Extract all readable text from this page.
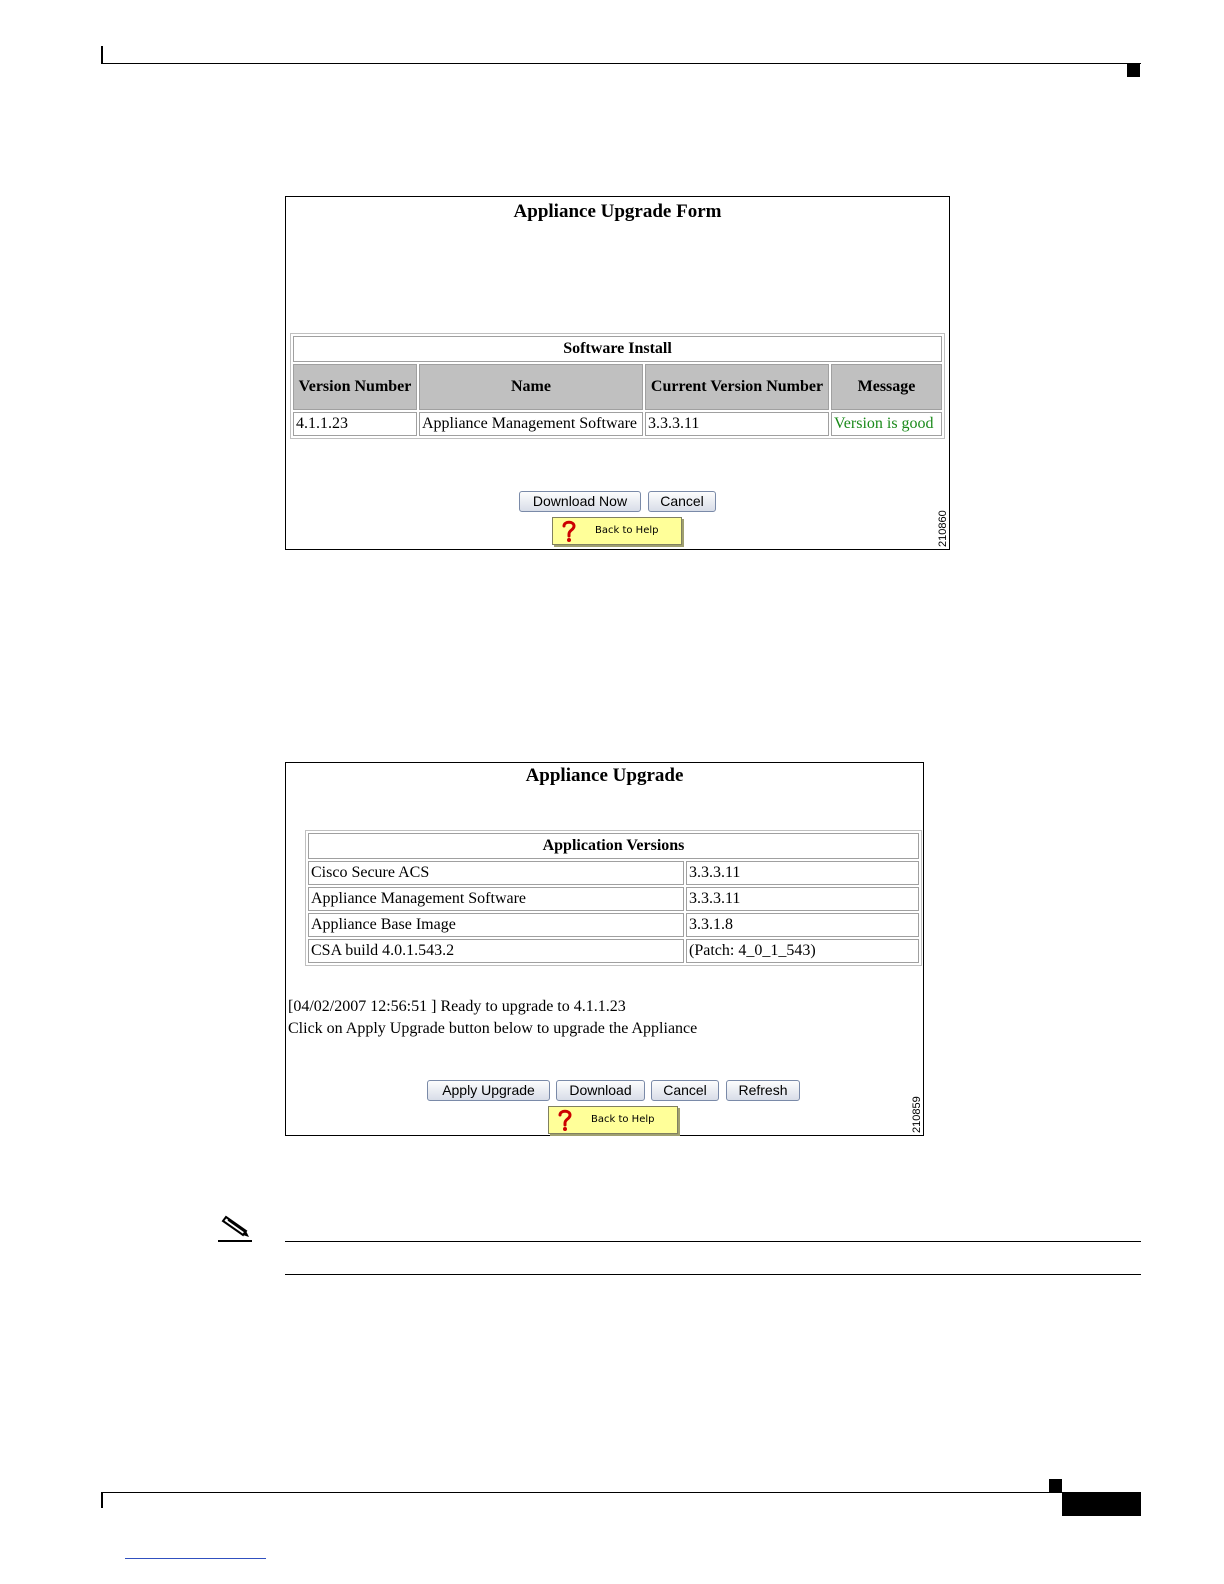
Appliance Upgrade Form
Software Install			
Version Number	Name	Current Version Number	Message
4.1.1.23	Appliance Management Software	3.3.3.11	Version is good
Download Now	Cancel
Back to Help	210860
Appliance Upgrade
Application Versions	
Cisco Secure ACS	3.3.3.11
Appliance Management Software	3.3.3.11
Appliance Base Image	3.3.1.8
CSA build 4.0.1.543.2	(Patch: 4_0_1_543)
[04/02/2007 12:56:51 ] Ready to upgrade to 4.1.1.23
Click on Apply Upgrade button below to upgrade the Appliance
Apply Upgrade	Download	Cancel	Refresh
Back to Help	210859
